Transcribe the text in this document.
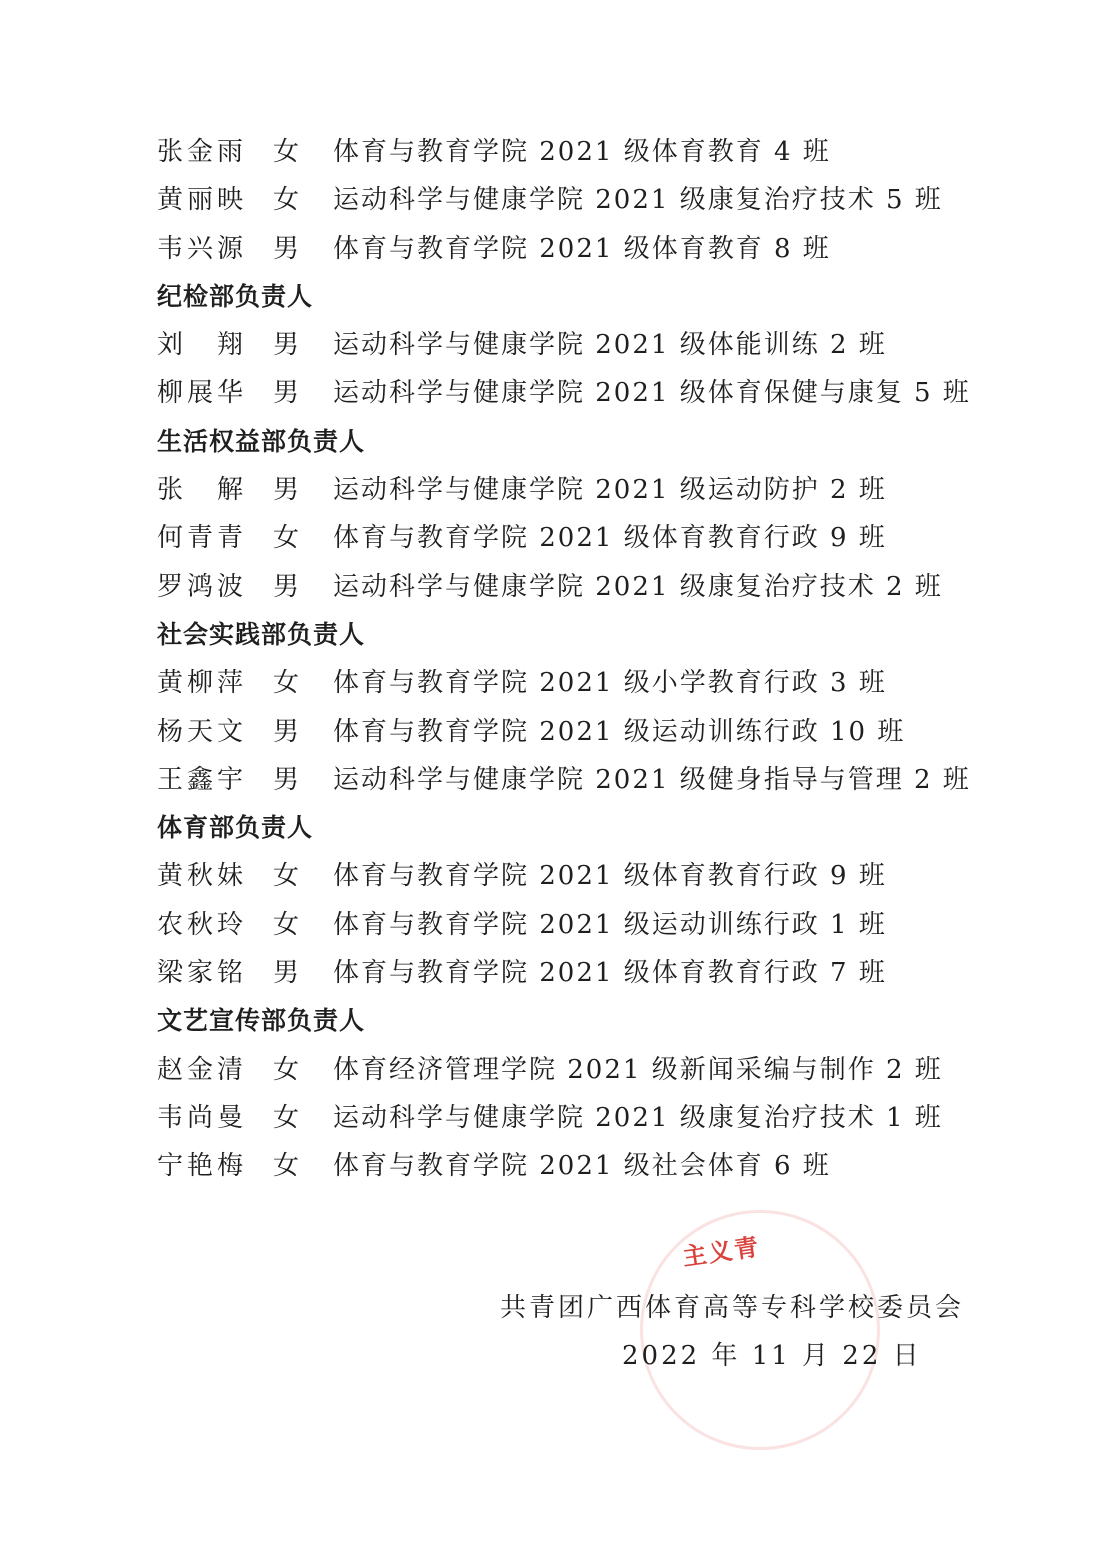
张金雨 女 体育与教育学院 2021 级体育教育 4 班
黄丽映 女 运动科学与健康学院 2021 级康复治疗技术 5 班
韦兴源 男 体育与教育学院 2021 级体育教育 8 班
纪检部负责人
刘　翔 男 运动科学与健康学院 2021 级体能训练 2 班
柳展华 男 运动科学与健康学院 2021 级体育保健与康复 5 班
生活权益部负责人
张　解 男 运动科学与健康学院 2021 级运动防护 2 班
何青青 女 体育与教育学院 2021 级体育教育行政 9 班
罗鸿波 男 运动科学与健康学院 2021 级康复治疗技术 2 班
社会实践部负责人
黄柳萍 女 体育与教育学院 2021 级小学教育行政 3 班
杨天文 男 体育与教育学院 2021 级运动训练行政 10 班
王鑫宇 男 运动科学与健康学院 2021 级健身指导与管理 2 班
体育部负责人
黄秋妹 女 体育与教育学院 2021 级体育教育行政 9 班
农秋玲 女 体育与教育学院 2021 级运动训练行政 1 班
梁家铭 男 体育与教育学院 2021 级体育教育行政 7 班
文艺宣传部负责人
赵金清 女 体育经济管理学院 2021 级新闻采编与制作 2 班
韦尚曼 女 运动科学与健康学院 2021 级康复治疗技术 1 班
宁艳梅 女 体育与教育学院 2021 级社会体育 6 班
主义青
共青团广西体育高等专科学校委员会
2022 年 11 月 22 日
